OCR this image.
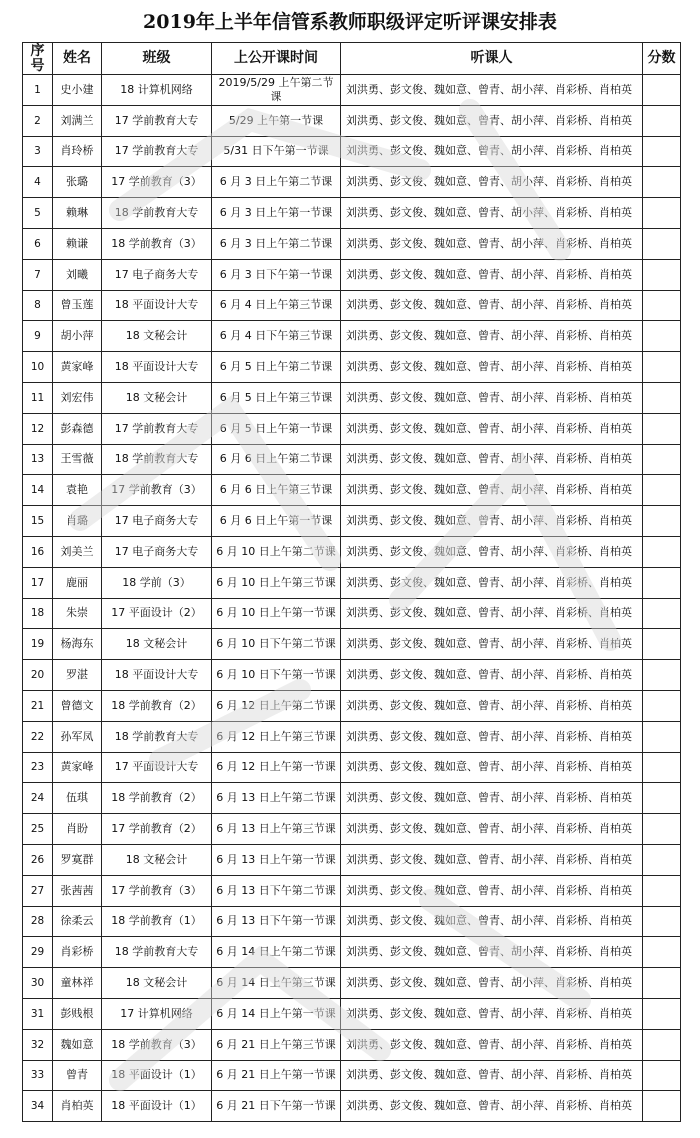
2019年上半年信管系教师职级评定听评课安排表
序号	姓名	班级	上公开课时间	听课人	分数
1	史小建	18 计算机网络	2019/5/29 上午第二节课	刘洪勇、彭文俊、魏如意、曾青、胡小萍、肖彩桥、肖柏英	
2	刘满兰	17 学前教育大专	5/29 上午第一节课	刘洪勇、彭文俊、魏如意、曾青、胡小萍、肖彩桥、肖柏英	
3	肖玲桥	17 学前教育大专	5/31 日下午第一节课	刘洪勇、彭文俊、魏如意、曾青、胡小萍、肖彩桥、肖柏英	
4	张璐	17 学前教育（3）	6 月 3 日上午第二节课	刘洪勇、彭文俊、魏如意、曾青、胡小萍、肖彩桥、肖柏英	
5	赖琳	18 学前教育大专	6 月 3 日上午第一节课	刘洪勇、彭文俊、魏如意、曾青、胡小萍、肖彩桥、肖柏英	
6	赖谦	18 学前教育（3）	6 月 3 日上午第二节课	刘洪勇、彭文俊、魏如意、曾青、胡小萍、肖彩桥、肖柏英	
7	刘曦	17 电子商务大专	6 月 3 日下午第一节课	刘洪勇、彭文俊、魏如意、曾青、胡小萍、肖彩桥、肖柏英	
8	曾玉莲	18 平面设计大专	6 月 4 日上午第三节课	刘洪勇、彭文俊、魏如意、曾青、胡小萍、肖彩桥、肖柏英	
9	胡小萍	18 文秘会计	6 月 4 日下午第三节课	刘洪勇、彭文俊、魏如意、曾青、胡小萍、肖彩桥、肖柏英	
10	黄家峰	18 平面设计大专	6 月 5 日上午第二节课	刘洪勇、彭文俊、魏如意、曾青、胡小萍、肖彩桥、肖柏英	
11	刘宏伟	18 文秘会计	6 月 5 日上午第三节课	刘洪勇、彭文俊、魏如意、曾青、胡小萍、肖彩桥、肖柏英	
12	彭森德	17 学前教育大专	6 月 5 日上午第一节课	刘洪勇、彭文俊、魏如意、曾青、胡小萍、肖彩桥、肖柏英	
13	王雪薇	18 学前教育大专	6 月 6 日上午第二节课	刘洪勇、彭文俊、魏如意、曾青、胡小萍、肖彩桥、肖柏英	
14	袁艳	17 学前教育（3）	6 月 6 日上午第三节课	刘洪勇、彭文俊、魏如意、曾青、胡小萍、肖彩桥、肖柏英	
15	肖璐	17 电子商务大专	6 月 6 日上午第一节课	刘洪勇、彭文俊、魏如意、曾青、胡小萍、肖彩桥、肖柏英	
16	刘美兰	17 电子商务大专	6 月 10 日上午第二节课	刘洪勇、彭文俊、魏如意、曾青、胡小萍、肖彩桥、肖柏英	
17	鹿丽	18 学前（3）	6 月 10 日上午第三节课	刘洪勇、彭文俊、魏如意、曾青、胡小萍、肖彩桥、肖柏英	
18	朱崇	17 平面设计（2）	6 月 10 日上午第一节课	刘洪勇、彭文俊、魏如意、曾青、胡小萍、肖彩桥、肖柏英	
19	杨海东	18 文秘会计	6 月 10 日下午第二节课	刘洪勇、彭文俊、魏如意、曾青、胡小萍、肖彩桥、肖柏英	
20	罗湛	18 平面设计大专	6 月 10 日下午第一节课	刘洪勇、彭文俊、魏如意、曾青、胡小萍、肖彩桥、肖柏英	
21	曾德文	18 学前教育（2）	6 月 12 日上午第二节课	刘洪勇、彭文俊、魏如意、曾青、胡小萍、肖彩桥、肖柏英	
22	孙军凤	18 学前教育大专	6 月 12 日上午第三节课	刘洪勇、彭文俊、魏如意、曾青、胡小萍、肖彩桥、肖柏英	
23	黄家峰	17 平面设计大专	6 月 12 日上午第一节课	刘洪勇、彭文俊、魏如意、曾青、胡小萍、肖彩桥、肖柏英	
24	伍琪	18 学前教育（2）	6 月 13 日上午第二节课	刘洪勇、彭文俊、魏如意、曾青、胡小萍、肖彩桥、肖柏英	
25	肖盼	17 学前教育（2）	6 月 13 日上午第三节课	刘洪勇、彭文俊、魏如意、曾青、胡小萍、肖彩桥、肖柏英	
26	罗寞群	18 文秘会计	6 月 13 日上午第一节课	刘洪勇、彭文俊、魏如意、曾青、胡小萍、肖彩桥、肖柏英	
27	张茜茜	17 学前教育（3）	6 月 13 日下午第二节课	刘洪勇、彭文俊、魏如意、曾青、胡小萍、肖彩桥、肖柏英	
28	徐柔云	18 学前教育（1）	6 月 13 日下午第一节课	刘洪勇、彭文俊、魏如意、曾青、胡小萍、肖彩桥、肖柏英	
29	肖彩桥	18 学前教育大专	6 月 14 日上午第二节课	刘洪勇、彭文俊、魏如意、曾青、胡小萍、肖彩桥、肖柏英	
30	童林祥	18 文秘会计	6 月 14 日上午第三节课	刘洪勇、彭文俊、魏如意、曾青、胡小萍、肖彩桥、肖柏英	
31	彭贱根	17 计算机网络	6 月 14 日上午第一节课	刘洪勇、彭文俊、魏如意、曾青、胡小萍、肖彩桥、肖柏英	
32	魏如意	18 学前教育（3）	6 月 21 日上午第三节课	刘洪勇、彭文俊、魏如意、曾青、胡小萍、肖彩桥、肖柏英	
33	曾青	18 平面设计（1）	6 月 21 日上午第一节课	刘洪勇、彭文俊、魏如意、曾青、胡小萍、肖彩桥、肖柏英	
34	肖柏英	18 平面设计（1）	6 月 21 日下午第一节课	刘洪勇、彭文俊、魏如意、曾青、胡小萍、肖彩桥、肖柏英	
